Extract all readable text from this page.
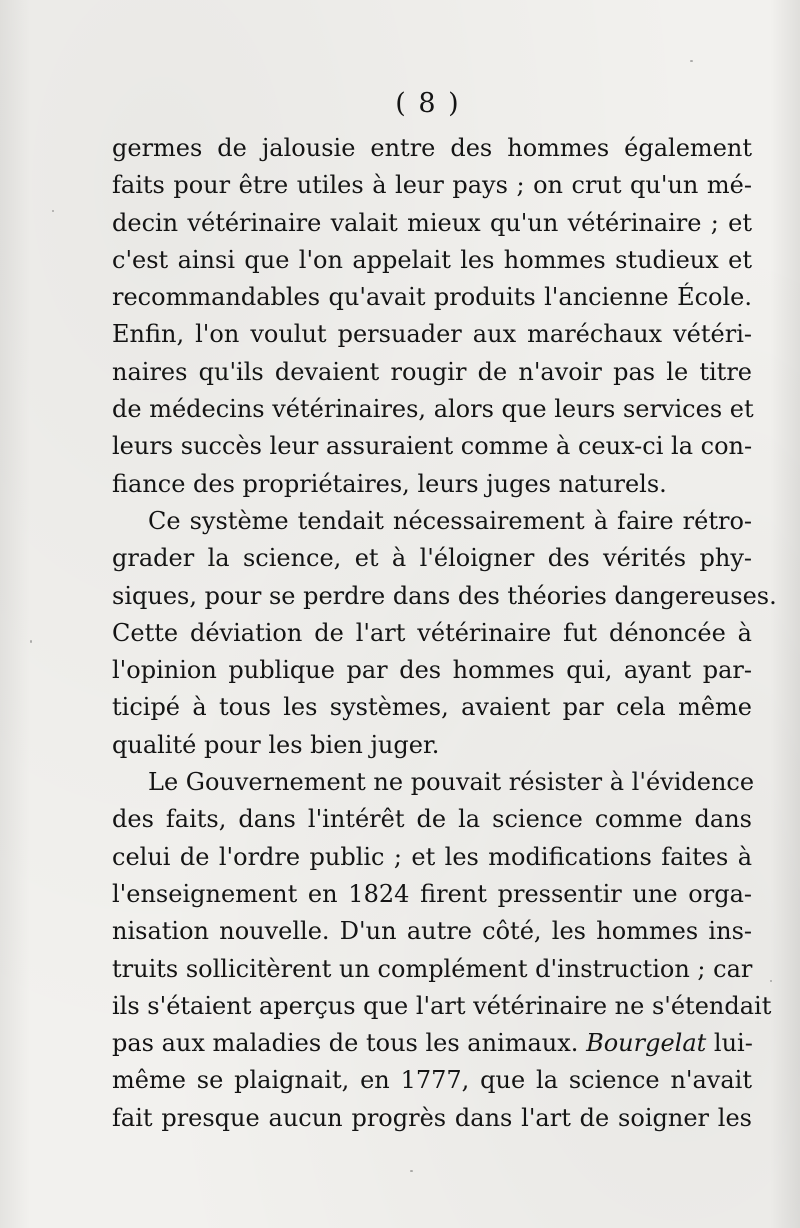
( 8 )
germes de jalousie entre des hommes également
faits pour être utiles à leur pays ; on crut qu'un mé-
decin vétérinaire valait mieux qu'un vétérinaire ; et
c'est ainsi que l'on appelait les hommes studieux et
recommandables qu'avait produits l'ancienne École.
Enfin, l'on voulut persuader aux maréchaux vétéri-
naires qu'ils devaient rougir de n'avoir pas le titre
de médecins vétérinaires, alors que leurs services et
leurs succès leur assuraient comme à ceux-ci la con-
fiance des propriétaires, leurs juges naturels.
Ce système tendait nécessairement à faire rétro-
grader la science, et à l'éloigner des vérités phy-
siques, pour se perdre dans des théories dangereuses.
Cette déviation de l'art vétérinaire fut dénoncée à
l'opinion publique par des hommes qui, ayant par-
ticipé à tous les systèmes, avaient par cela même
qualité pour les bien juger.
Le Gouvernement ne pouvait résister à l'évidence
des faits, dans l'intérêt de la science comme dans
celui de l'ordre public ; et les modifications faites à
l'enseignement en 1824 firent pressentir une orga-
nisation nouvelle. D'un autre côté, les hommes ins-
truits sollicitèrent un complément d'instruction ; car
ils s'étaient aperçus que l'art vétérinaire ne s'étendait
pas aux maladies de tous les animaux. Bourgelat lui-
même se plaignait, en 1777, que la science n'avait
fait presque aucun progrès dans l'art de soigner les
